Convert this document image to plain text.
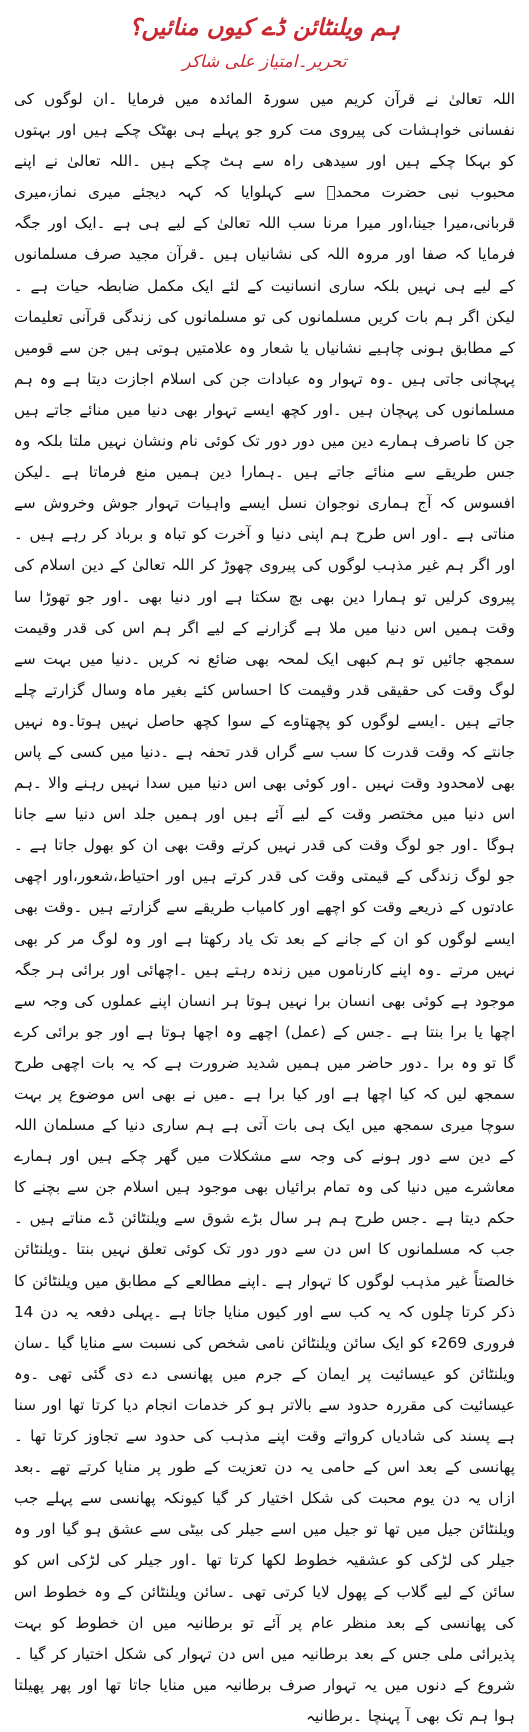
ہم ویلنٹائن ڈے کیوں منائیں؟
تحریر۔امتیاز علی شاکر

اللہ تعالیٰ نے قرآن کریم میں سورۃ المائدہ میں فرمایا ۔ان لوگوں کی نفسانی خواہشات کی پیروی مت کرو جو پہلے ہی بھٹک چکے ہیں اور بہتوں کو بہکا چکے ہیں اور سیدھی راہ سے ہٹ چکے ہیں ۔اللہ تعالیٰ نے اپنے محبوب نبی حضرت محمدؐ سے کہلوایا کہ کہہ دیجئے میری نماز،میری قربانی،میرا جینا،اور میرا مرنا سب اللہ تعالیٰ کے لیے ہی ہے ۔ایک اور جگہ فرمایا کہ صفا اور مروہ اللہ کی نشانیاں ہیں ۔قرآن مجید صرف مسلمانوں کے لیے ہی نہیں بلکہ ساری انسانیت کے لئے ایک مکمل ضابطہ حیات ہے ۔لیکن اگر ہم بات کریں مسلمانوں کی تو مسلمانوں کی زندگی قرآنی تعلیمات کے مطابق ہونی چاہیے نشانیاں یا شعار وہ علامتیں ہوتی ہیں جن سے قومیں پہچانی جاتی ہیں ۔وہ تہوار وہ عبادات جن کی اسلام اجازت دیتا ہے وہ ہم مسلمانوں کی پہچان ہیں ۔اور کچھ ایسے تہوار بھی دنیا میں منائے جاتے ہیں جن کا ناصرف ہمارے دین میں دور دور تک کوئی نام ونشان نہیں ملتا بلکہ وہ جس طریقے سے منائے جاتے ہیں ۔ہمارا دین ہمیں منع فرماتا ہے ۔لیکن افسوس کہ آج ہماری نوجوان نسل ایسے واہیات تہوار جوش وخروش سے مناتی ہے ۔اور اس طرح ہم اپنی دنیا و آخرت کو تباہ و برباد کر رہے ہیں ۔اور اگر ہم غیر مذہب لوگوں کی پیروی چھوڑ کر اللہ تعالیٰ کے دین اسلام کی پیروی کرلیں تو ہمارا دین بھی بچ سکتا ہے اور دنیا بھی ۔اور جو تھوڑا سا وقت ہمیں اس دنیا میں ملا ہے گزارنے کے لیے اگر ہم اس کی قدر وقیمت سمجھ جائیں تو ہم کبھی ایک لمحہ بھی ضائع نہ کریں ۔دنیا میں بہت سے لوگ وقت کی حقیقی قدر وقیمت کا احساس کئے بغیر ماہ وسال گزارتے چلے جاتے ہیں ۔ایسے لوگوں کو پچھتاوے کے سوا کچھ حاصل نہیں ہوتا۔وہ نہیں جانتے کہ وقت قدرت کا سب سے گراں قدر تحفہ ہے ۔دنیا میں کسی کے پاس بھی لامحدود وقت نہیں ۔اور کوئی بھی اس دنیا میں سدا نہیں رہنے والا ۔ہم اس دنیا میں مختصر وقت کے لیے آئے ہیں اور ہمیں جلد اس دنیا سے جانا ہوگا ۔اور جو لوگ وقت کی قدر نہیں کرتے وقت بھی ان کو بھول جاتا ہے ۔جو لوگ زندگی کے قیمتی وقت کی قدر کرتے ہیں اور احتیاط،شعور،اور اچھی عادتوں کے ذریعے وقت کو اچھے اور کامیاب طریقے سے گزارتے ہیں ۔وقت بھی ایسے لوگوں کو ان کے جانے کے بعد تک یاد رکھتا ہے اور وہ لوگ مر کر بھی نہیں مرتے ۔وہ اپنے کارناموں میں زندہ رہتے ہیں ۔اچھائی اور برائی ہر جگہ موجود ہے کوئی بھی انسان برا نہیں ہوتا ہر انسان اپنے عملوں کی وجہ سے اچھا یا برا بنتا ہے ۔جس کے (عمل) اچھے وہ اچھا ہوتا ہے اور جو برائی کرے گا تو وہ برا ۔دور حاضر میں ہمیں شدید ضرورت ہے کہ یہ بات اچھی طرح سمجھ لیں کہ کیا اچھا ہے اور کیا برا ہے ۔میں نے بھی اس موضوع پر بہت سوچا میری سمجھ میں ایک ہی بات آتی ہے ہم ساری دنیا کے مسلمان اللہ کے دین سے دور ہونے کی وجہ سے مشکلات میں گھر چکے ہیں اور ہمارے معاشرے میں دنیا کی وہ تمام برائیاں بھی موجود ہیں اسلام جن سے بچنے کا حکم دیتا ہے ۔جس طرح ہم ہر سال بڑے شوق سے ویلنٹائن ڈے مناتے ہیں ۔جب کہ مسلمانوں کا اس دن سے دور دور تک کوئی تعلق نہیں بنتا ۔ویلنٹائن خالصتاً غیر مذہب لوگوں کا تہوار ہے ۔اپنے مطالعے کے مطابق میں ویلنٹائن کا ذکر کرتا چلوں کہ یہ کب سے اور کیوں منایا جاتا ہے ۔پہلی دفعہ یہ دن 14 فروری 269ء کو ایک سائن ویلنٹائن نامی شخص کی نسبت سے منایا گیا ۔سان ویلنٹائن کو عیسائیت پر ایمان کے جرم میں پھانسی دے دی گئی تھی ۔وہ عیسائیت کی مقررہ حدود سے بالاتر ہو کر خدمات انجام دیا کرتا تھا اور سنا ہے پسند کی شادیاں کرواتے وقت اپنے مذہب کی حدود سے تجاوز کرتا تھا ۔پھانسی کے بعد اس کے حامی یہ دن تعزیت کے طور پر منایا کرتے تھے ۔بعد ازاں یہ دن یوم محبت کی شکل اختیار کر گیا کیونکہ پھانسی سے پہلے جب ویلنٹائن جیل میں تھا تو جیل میں اسے جیلر کی بیٹی سے عشق ہو گیا اور وہ جیلر کی لڑکی کو عشقیہ خطوط لکھا کرتا تھا ۔اور جیلر کی لڑکی اس کو سائن کے لیے گلاب کے پھول لایا کرتی تھی ۔سائن ویلنٹائن کے وہ خطوط اس کی پھانسی کے بعد منظر عام پر آئے تو برطانیہ میں ان خطوط کو بہت پذیرائی ملی جس کے بعد برطانیہ میں اس دن تہوار کی شکل اختیار کر گیا ۔شروع کے دنوں میں یہ تہوار صرف برطانیہ میں منایا جاتا تھا اور پھر پھیلتا ہوا ہم تک بھی آ پہنچا ۔برطانیہ
